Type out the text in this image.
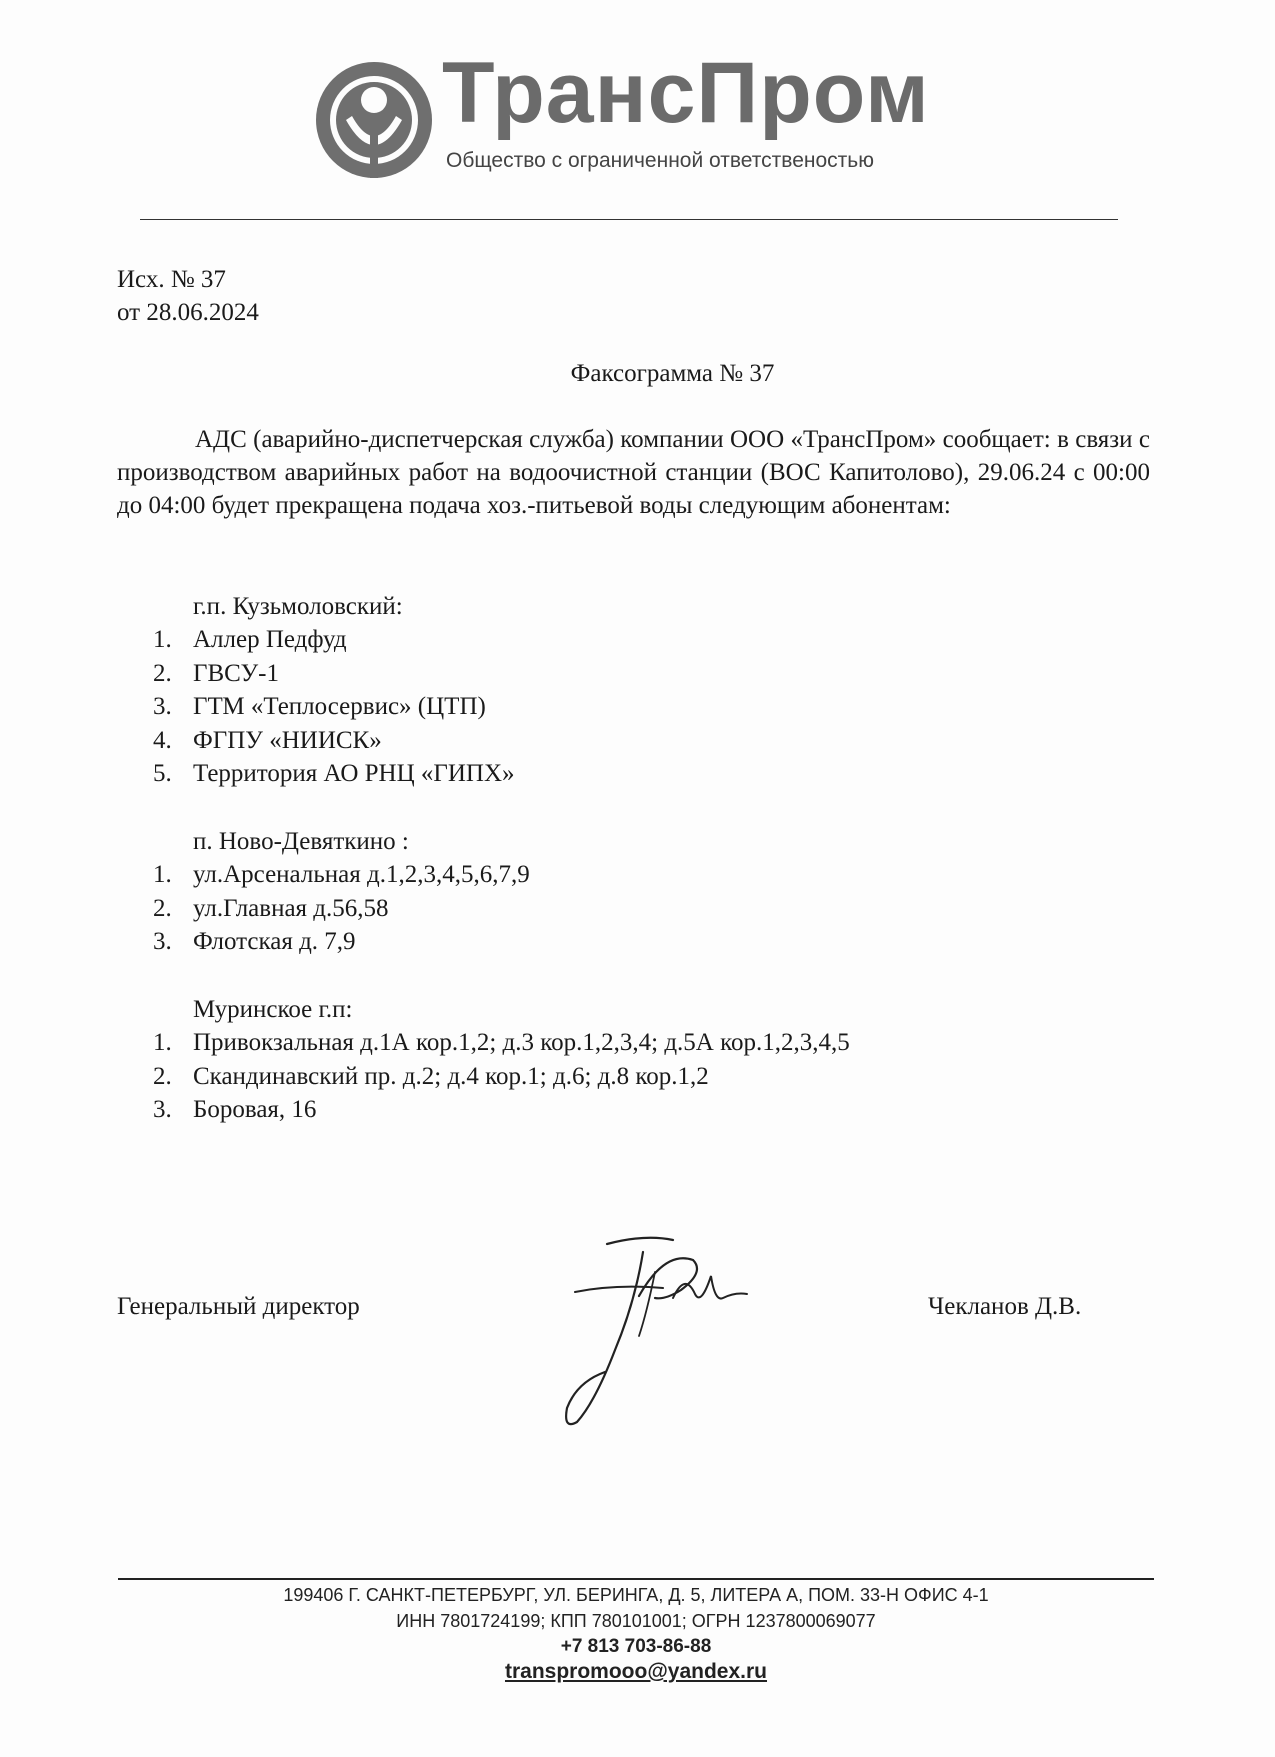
ТрансПром
Общество с ограниченной ответственостью
Исх. № 37
от 28.06.2024
Факсограмма № 37

АДС (аварийно-диспетчерская служба) компании ООО «ТрансПром» сообщает: в связи с производством аварийных работ на водоочистной станции (ВОС Капитолово), 29.06.24 с 00:00 до 04:00 будет прекращена подача хоз.-питьевой воды следующим абонентам:

г.п. Кузьмоловский:
1. Аллер Педфуд
2. ГВСУ-1
3. ГТМ «Теплосервис» (ЦТП)
4. ФГПУ «НИИСК»
5. Территория АО РНЦ «ГИПХ»
п. Ново-Девяткино :
1. ул.Арсенальная д.1,2,3,4,5,6,7,9
2. ул.Главная д.56,58
3. Флотская д. 7,9
Муринское г.п:
1. Привокзальная д.1А кор.1,2; д.3 кор.1,2,3,4; д.5А кор.1,2,3,4,5
2. Скандинавский пр. д.2; д.4 кор.1; д.6; д.8 кор.1,2
3. Боровая, 16
Генеральный директор	Чекланов Д.В.
199406 Г. САНКТ-ПЕТЕРБУРГ, УЛ. БЕРИНГА, Д. 5, ЛИТЕРА А, ПОМ. 33-Н ОФИС 4-1
ИНН 7801724199; КПП 780101001; ОГРН 1237800069077
+7 813 703-86-88
transpromooo@yandex.ru
